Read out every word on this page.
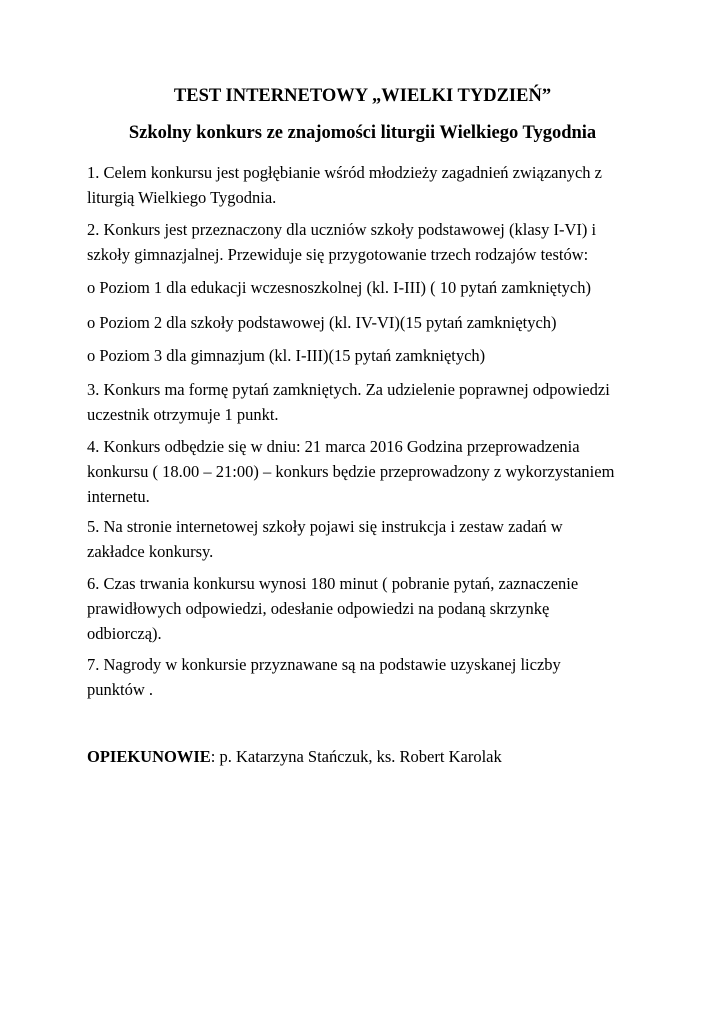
TEST INTERNETOWY „WIELKI TYDZIEŃ”
Szkolny konkurs ze znajomości liturgii Wielkiego Tygodnia

1. Celem konkursu jest pogłębianie wśród młodzieży zagadnień związanych z
liturgią Wielkiego Tygodnia.

2. Konkurs jest przeznaczony dla uczniów szkoły podstawowej (klasy I-VI) i
szkoły gimnazjalnej. Przewiduje się przygotowanie trzech rodzajów testów:

o Poziom 1 dla edukacji wczesnoszkolnej (kl. I-III) ( 10 pytań zamkniętych)

o Poziom 2 dla szkoły podstawowej (kl. IV-VI)(15 pytań zamkniętych)

o Poziom 3 dla gimnazjum (kl. I-III)(15 pytań zamkniętych)

3. Konkurs ma formę pytań zamkniętych. Za udzielenie poprawnej odpowiedzi
uczestnik otrzymuje 1 punkt.

4. Konkurs odbędzie się w dniu: 21 marca 2016 Godzina przeprowadzenia
konkursu ( 18.00 – 21:00) – konkurs będzie przeprowadzony z wykorzystaniem
internetu.

5. Na stronie internetowej szkoły pojawi się instrukcja i zestaw zadań w
zakładce konkursy.

6. Czas trwania konkursu wynosi 180 minut ( pobranie pytań, zaznaczenie
prawidłowych odpowiedzi, odesłanie odpowiedzi na podaną skrzynkę
odbiorczą).

7. Nagrody w konkursie przyznawane są na podstawie uzyskanej liczby
punktów .

OPIEKUNOWIE: p. Katarzyna Stańczuk, ks. Robert Karolak
